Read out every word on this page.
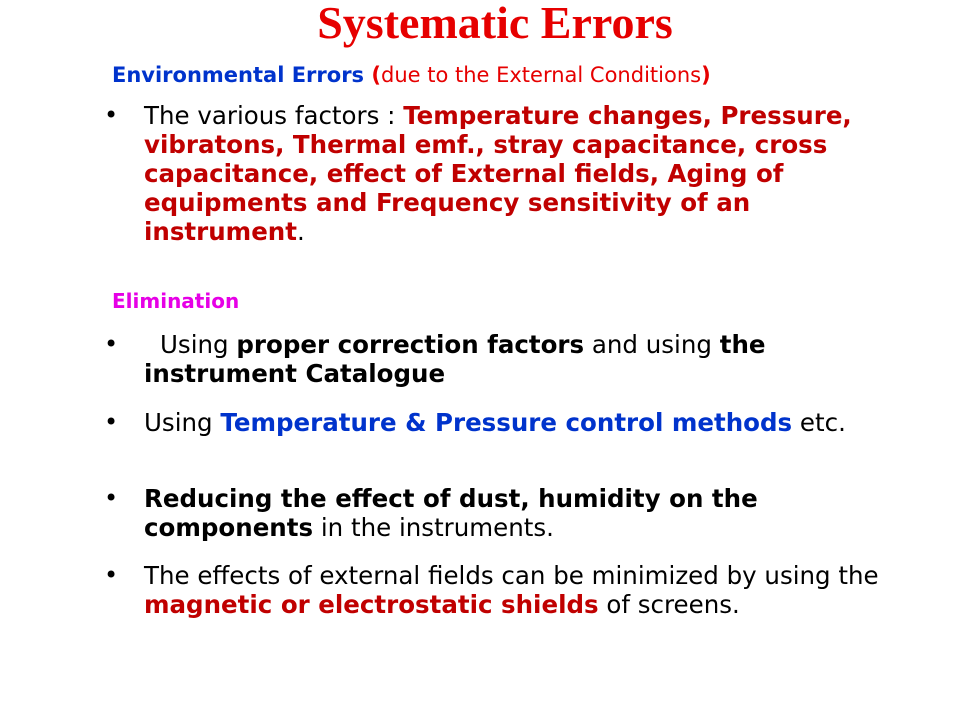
Systematic Errors
Environmental Errors (due to the External Conditions)
• The various factors : Temperature changes, Pressure, vibratons, Thermal emf., stray capacitance, cross capacitance, effect of External fields, Aging of equipments and Frequency sensitivity of an instrument.
Elimination
•	Using proper correction factors and using the instrument Catalogue
• Using Temperature & Pressure control methods etc.
• Reducing the effect of dust, humidity on the components in the instruments.
• The effects of external fields can be minimized by using the magnetic or electrostatic shields of screens.
